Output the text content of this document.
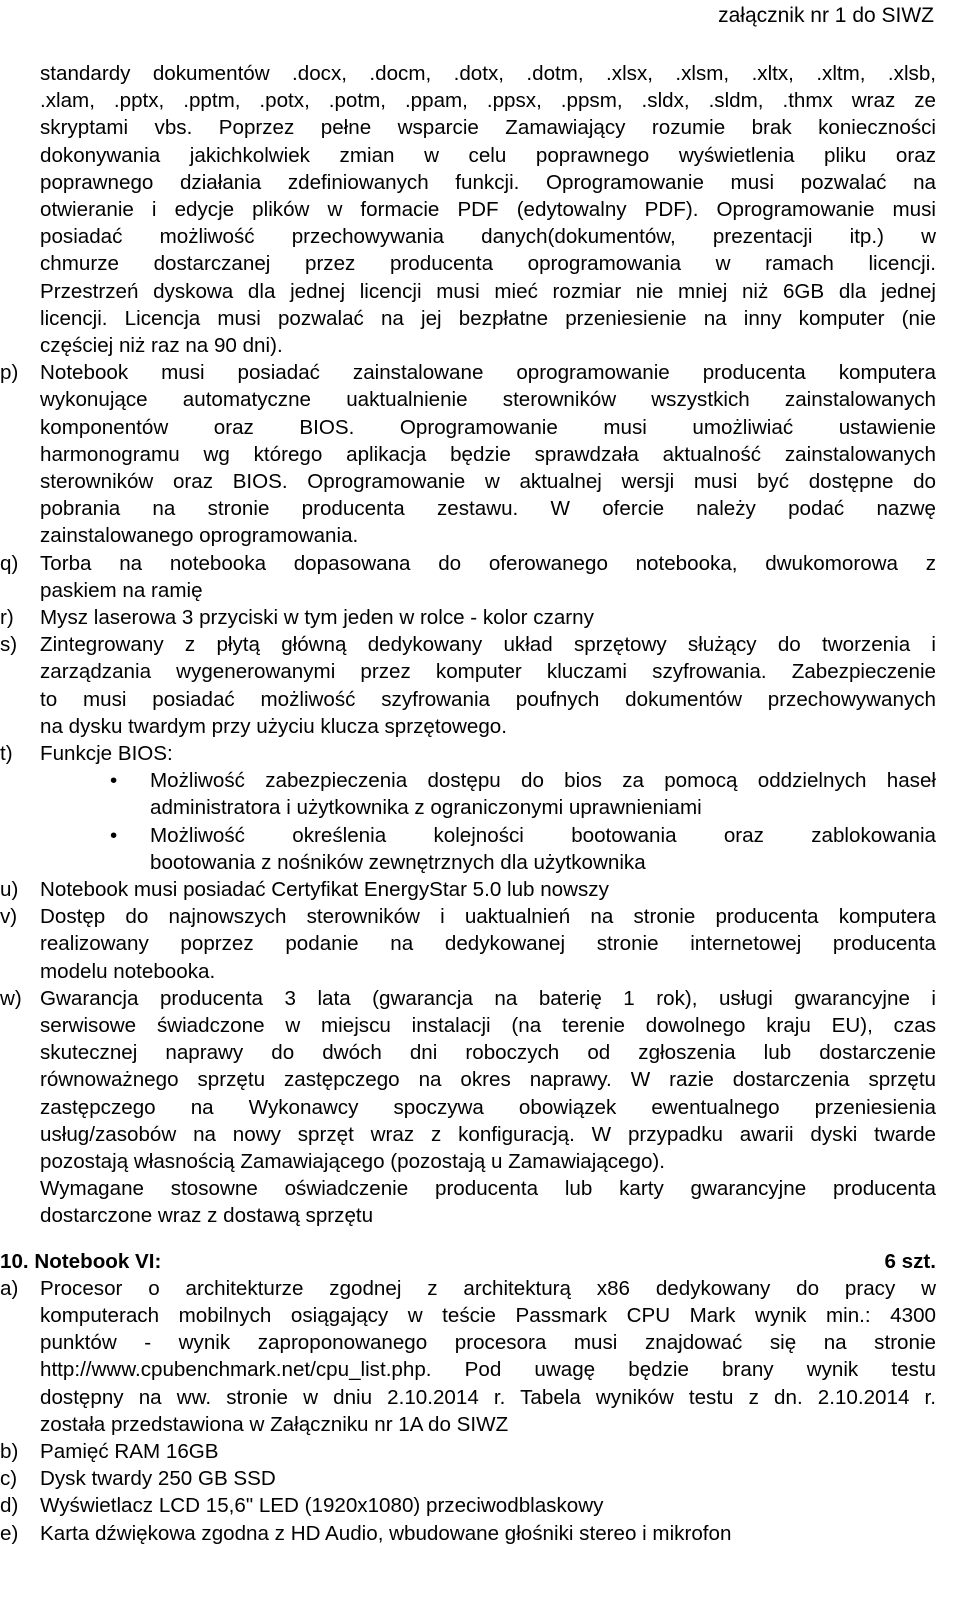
załącznik nr 1 do SIWZ
standardy dokumentów .docx, .docm, .dotx, .dotm, .xlsx, .xlsm, .xltx, .xltm, .xlsb,
.xlam, .pptx, .pptm, .potx, .potm, .ppam, .ppsx, .ppsm, .sldx, .sldm, .thmx wraz ze
skryptami vbs. Poprzez pełne wsparcie Zamawiający rozumie brak konieczności
dokonywania jakichkolwiek zmian w celu poprawnego wyświetlenia pliku oraz
poprawnego działania zdefiniowanych funkcji. Oprogramowanie musi pozwalać na
otwieranie i edycje plików w formacie PDF (edytowalny PDF). Oprogramowanie musi
posiadać możliwość przechowywania danych(dokumentów, prezentacji itp.) w
chmurze dostarczanej przez producenta oprogramowania w ramach licencji.
Przestrzeń dyskowa dla jednej licencji musi mieć rozmiar nie mniej niż 6GB dla jednej
licencji. Licencja musi pozwalać na jej bezpłatne przeniesienie na inny komputer (nie
częściej niż raz na 90 dni).
p) Notebook musi posiadać zainstalowane oprogramowanie producenta komputera
wykonujące automatyczne uaktualnienie sterowników wszystkich zainstalowanych
komponentów oraz BIOS. Oprogramowanie musi umożliwiać ustawienie
harmonogramu wg którego aplikacja będzie sprawdzała aktualność zainstalowanych
sterowników oraz BIOS. Oprogramowanie w aktualnej wersji musi być dostępne do
pobrania na stronie producenta zestawu. W ofercie należy podać nazwę
zainstalowanego oprogramowania.
q) Torba na notebooka dopasowana do oferowanego notebooka, dwukomorowa z
paskiem na ramię
r) Mysz laserowa 3 przyciski w tym jeden w rolce - kolor czarny
s) Zintegrowany z płytą główną dedykowany układ sprzętowy służący do tworzenia i
zarządzania wygenerowanymi przez komputer kluczami szyfrowania. Zabezpieczenie
to musi posiadać możliwość szyfrowania poufnych dokumentów przechowywanych
na dysku twardym przy użyciu klucza sprzętowego.
t) Funkcje BIOS:
• Możliwość zabezpieczenia dostępu do bios za pomocą oddzielnych haseł
administratora i użytkownika z ograniczonymi uprawnieniami
• Możliwość określenia kolejności bootowania oraz zablokowania
bootowania z nośników zewnętrznych dla użytkownika
u) Notebook musi posiadać Certyfikat EnergyStar 5.0 lub nowszy
v) Dostęp do najnowszych sterowników i uaktualnień na stronie producenta komputera
realizowany poprzez podanie na dedykowanej stronie internetowej producenta
modelu notebooka.
w) Gwarancja producenta 3 lata (gwarancja na baterię 1 rok), usługi gwarancyjne i
serwisowe świadczone w miejscu instalacji (na terenie dowolnego kraju EU), czas
skutecznej naprawy do dwóch dni roboczych od zgłoszenia lub dostarczenie
równoważnego sprzętu zastępczego na okres naprawy. W razie dostarczenia sprzętu
zastępczego na Wykonawcy spoczywa obowiązek ewentualnego przeniesienia
usług/zasobów na nowy sprzęt wraz z konfiguracją. W przypadku awarii dyski twarde
pozostają własnością Zamawiającego (pozostają u Zamawiającego).
Wymagane stosowne oświadczenie producenta lub karty gwarancyjne producenta
dostarczone wraz z dostawą sprzętu
10. Notebook VI:	6 szt.
a) Procesor o architekturze zgodnej z architekturą x86 dedykowany do pracy w
komputerach mobilnych osiągający w teście Passmark CPU Mark wynik min.: 4300
punktów - wynik zaproponowanego procesora musi znajdować się na stronie
http://www.cpubenchmark.net/cpu_list.php. Pod uwagę będzie brany wynik testu
dostępny na ww. stronie w dniu 2.10.2014 r. Tabela wyników testu z dn. 2.10.2014 r.
została przedstawiona w Załączniku nr 1A do SIWZ
b) Pamięć RAM 16GB
c) Dysk twardy 250 GB SSD
d) Wyświetlacz LCD 15,6" LED (1920x1080) przeciwodblaskowy
e) Karta dźwiękowa zgodna z HD Audio, wbudowane głośniki stereo i mikrofon
